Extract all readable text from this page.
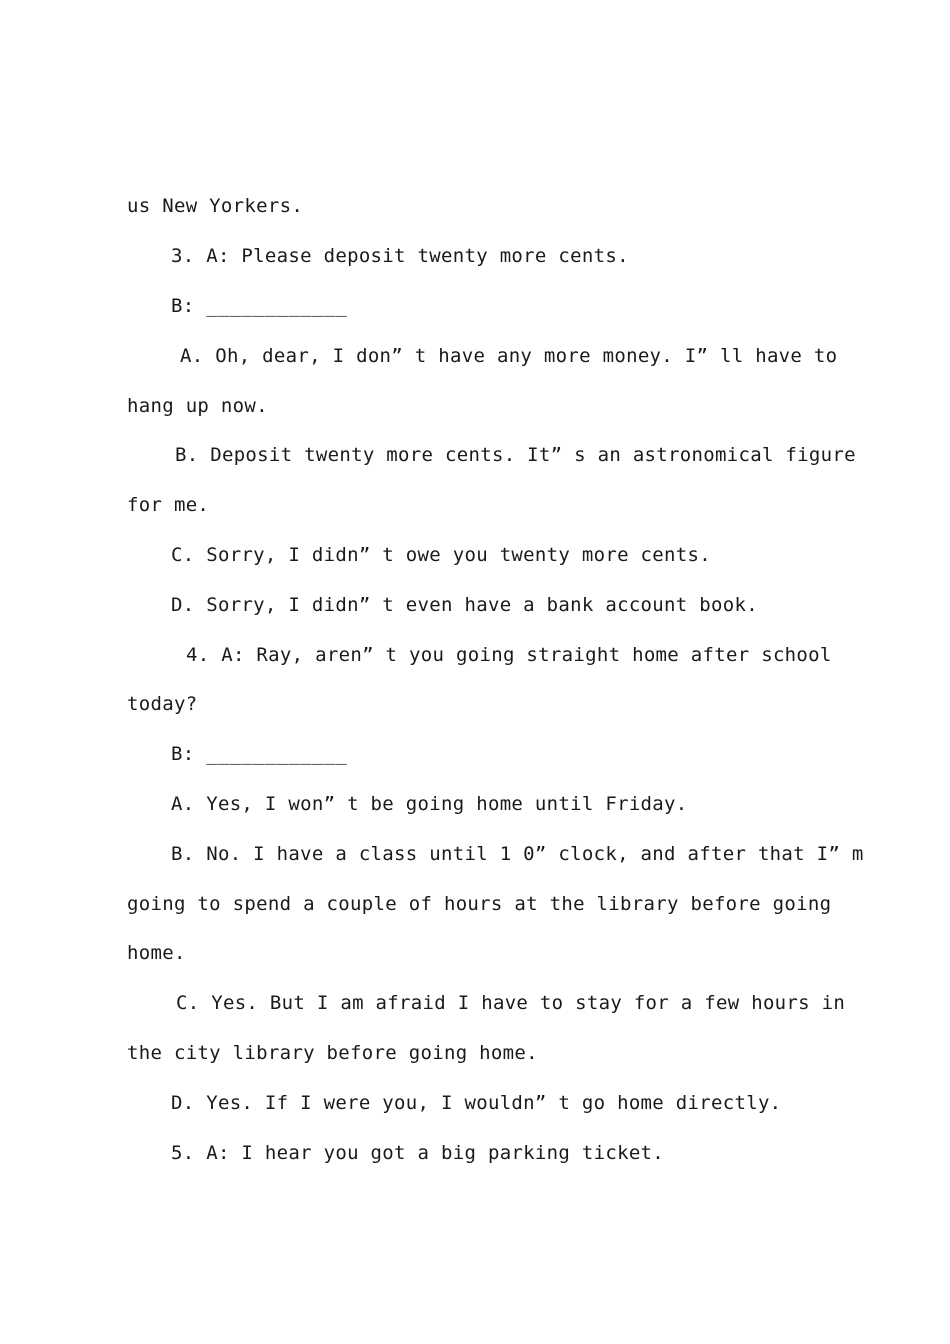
us New Yorkers.
3. A: Please deposit twenty more cents.
B: ____________
A. Oh, dear, I don” t have any more money. I” ll have to
hang up now.
B. Deposit twenty more cents. It” s an astronomical figure
for me.
C. Sorry, I didn” t owe you twenty more cents.
D. Sorry, I didn” t even have a bank account book.
4. A: Ray, aren” t you going straight home after school
today?
B: ____________
A. Yes, I won” t be going home until Friday.
B. No. I have a class until 1 0” clock, and after that I” m
going to spend a couple of hours at the library before going
home.
C. Yes. But I am afraid I have to stay for a few hours in
the city library before going home.
D. Yes. If I were you, I wouldn” t go home directly.
5. A: I hear you got a big parking ticket.
